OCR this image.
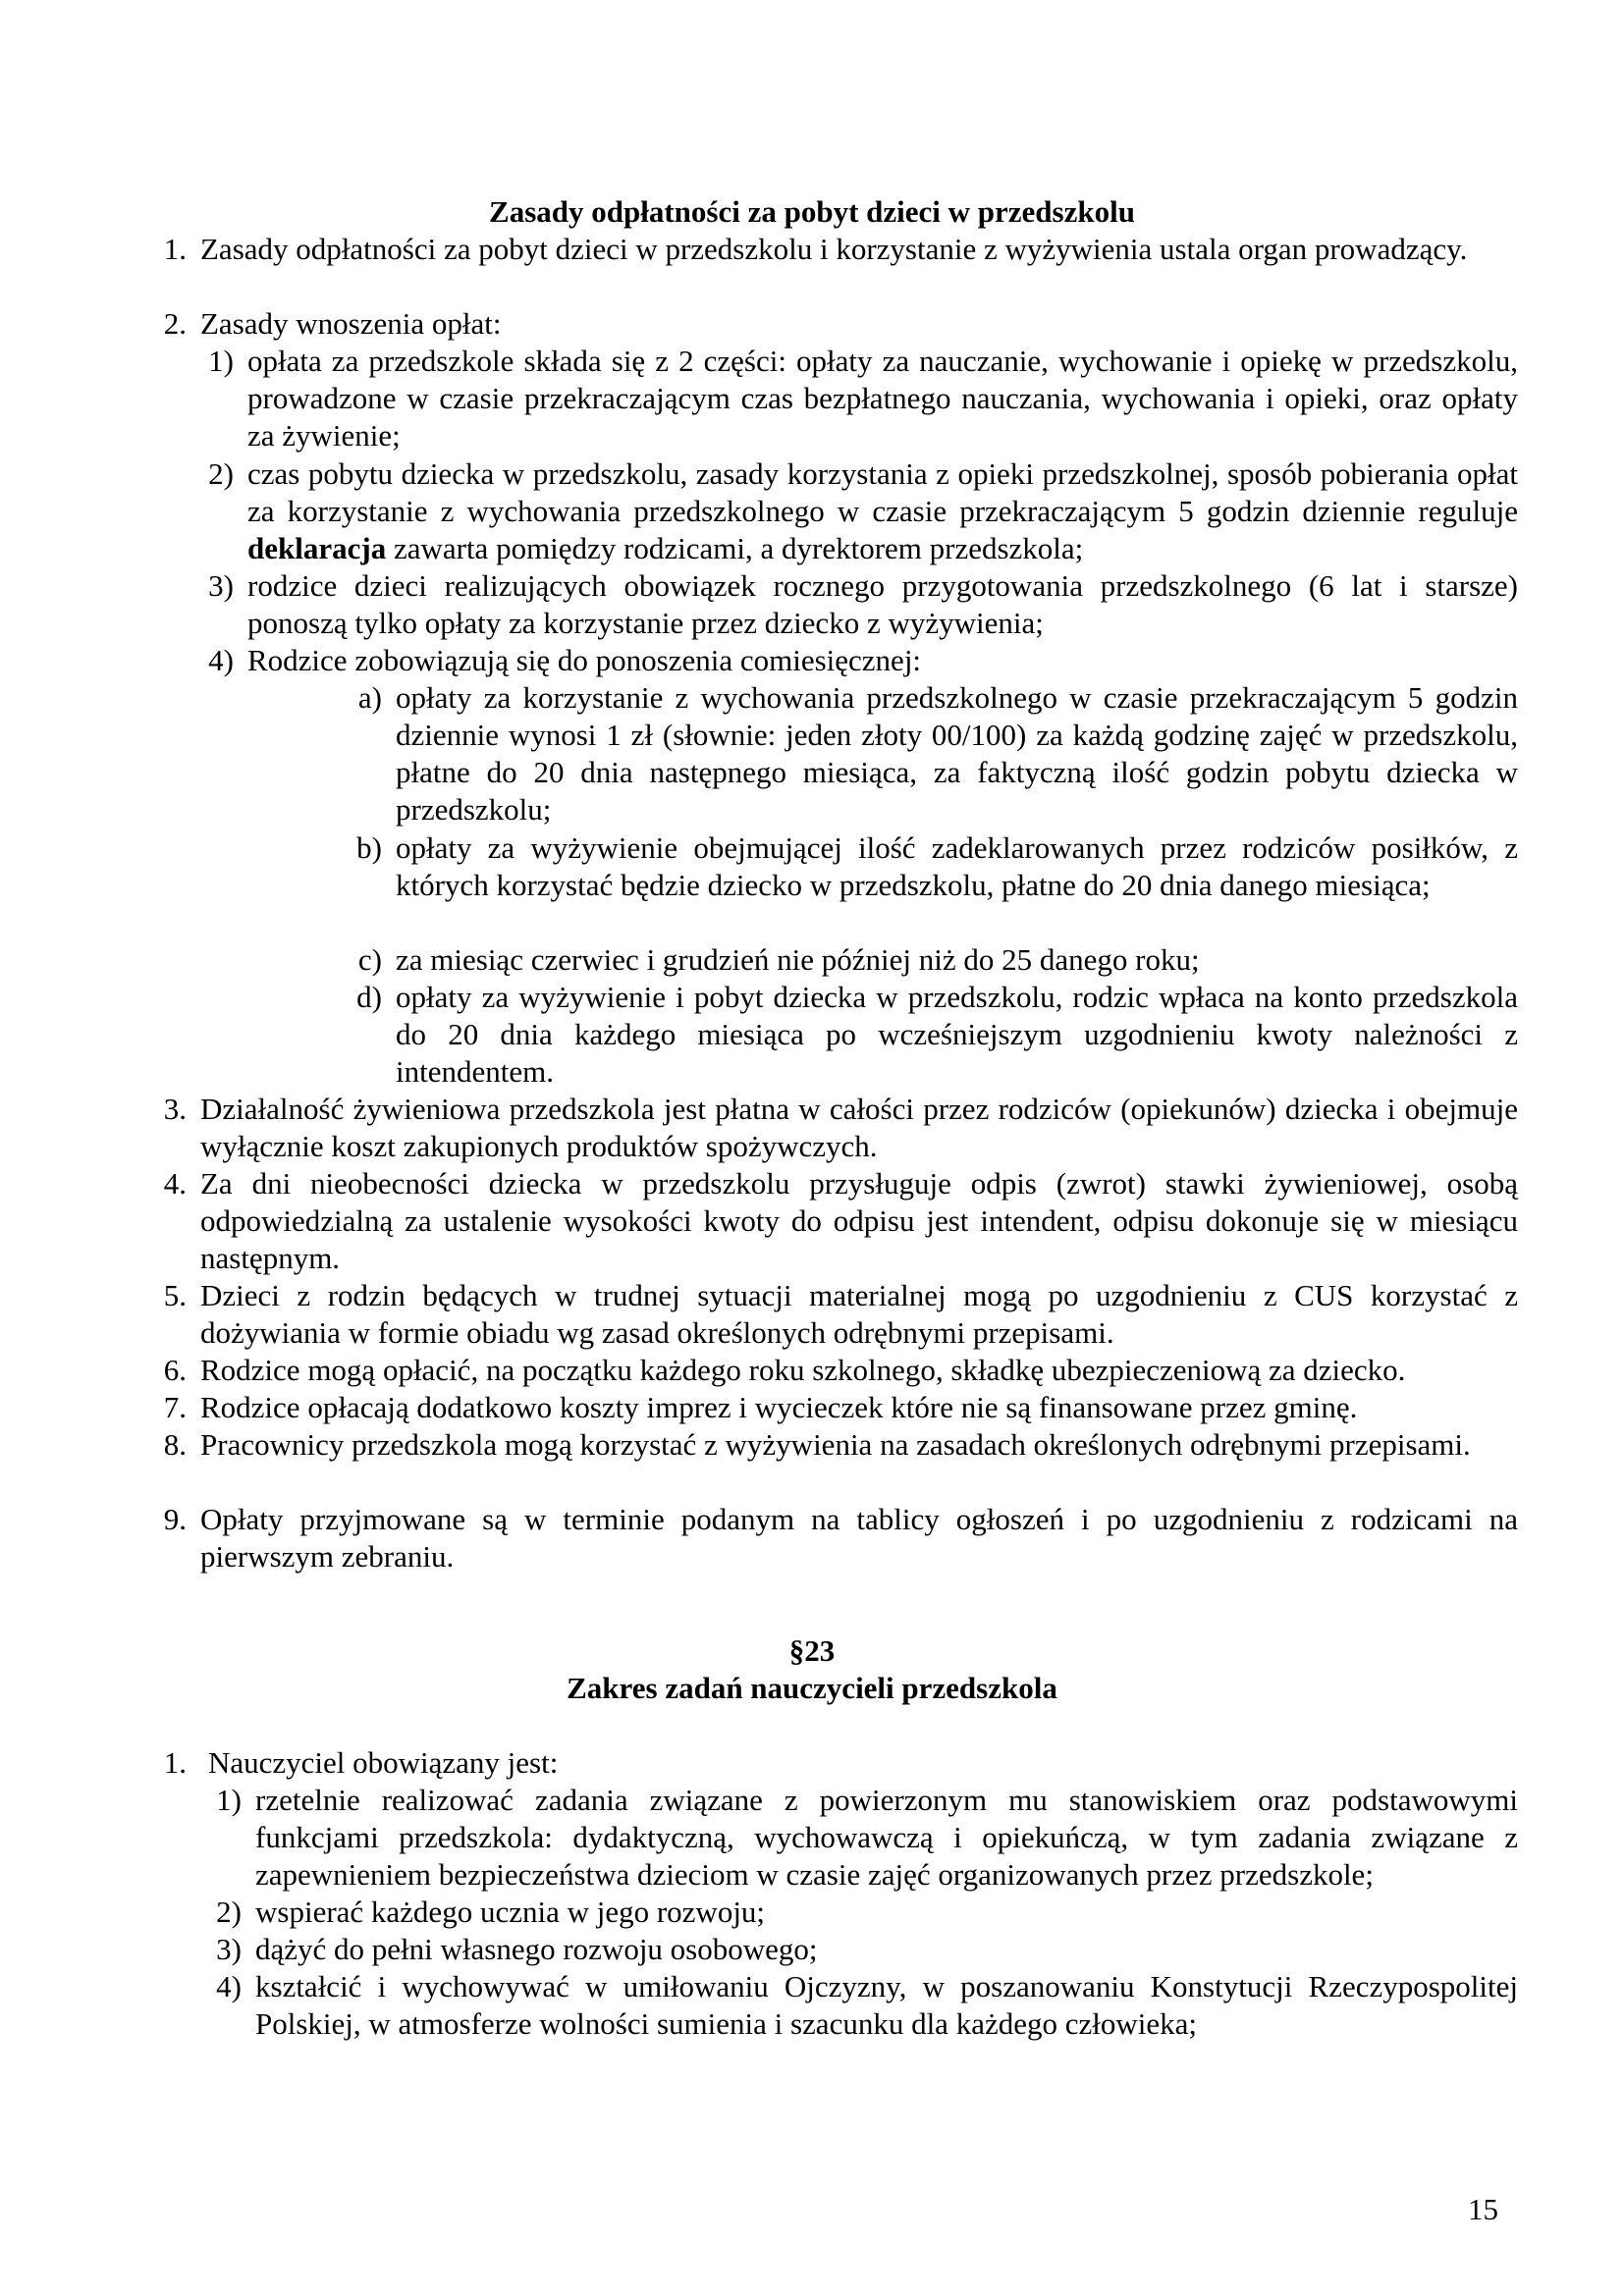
Zasady odpłatności za pobyt dzieci w przedszkolu
1. Zasady odpłatności za pobyt dzieci w przedszkolu i korzystanie z wyżywienia ustala organ prowadzący.
2. Zasady wnoszenia opłat:
1) opłata za przedszkole składa się z 2 części: opłaty za nauczanie, wychowanie i opiekę w przedszkolu, prowadzone w czasie przekraczającym czas bezpłatnego nauczania, wychowania i opieki, oraz opłaty za żywienie;
2) czas pobytu dziecka w przedszkolu, zasady korzystania z opieki przedszkolnej, sposób pobierania opłat za korzystanie z wychowania przedszkolnego w czasie przekraczającym 5 godzin dziennie reguluje deklaracja zawarta pomiędzy rodzicami, a dyrektorem przedszkola;
3) rodzice dzieci realizujących obowiązek rocznego przygotowania przedszkolnego (6 lat i starsze) ponoszą tylko opłaty za korzystanie przez dziecko z wyżywienia;
4) Rodzice zobowiązują się do ponoszenia comiesięcznej:
a) opłaty za korzystanie z wychowania przedszkolnego w czasie przekraczającym 5 godzin dziennie wynosi 1 zł (słownie: jeden złoty 00/100) za każdą godzinę zajęć w przedszkolu, płatne do 20 dnia następnego miesiąca, za faktyczną ilość godzin pobytu dziecka w przedszkolu;
b) opłaty za wyżywienie obejmującej ilość zadeklarowanych przez rodziców posiłków, z których korzystać będzie dziecko w przedszkolu, płatne do 20 dnia danego miesiąca;
c) za miesiąc czerwiec i grudzień nie później niż do 25 danego roku;
d) opłaty za wyżywienie i pobyt dziecka w przedszkolu, rodzic wpłaca na konto przedszkola do 20 dnia każdego miesiąca po wcześniejszym uzgodnieniu kwoty należności z intendentem.
3. Działalność żywieniowa przedszkola jest płatna w całości przez rodziców (opiekunów) dziecka i obejmuje wyłącznie koszt zakupionych produktów spożywczych.
4. Za dni nieobecności dziecka w przedszkolu przysługuje odpis (zwrot) stawki żywieniowej, osobą odpowiedzialną za ustalenie wysokości kwoty do odpisu jest intendent, odpisu dokonuje się w miesiącu następnym.
5. Dzieci z rodzin będących w trudnej sytuacji materialnej mogą po uzgodnieniu z CUS korzystać z dożywiania w formie obiadu wg zasad określonych odrębnymi przepisami.
6. Rodzice mogą opłacić, na początku każdego roku szkolnego, składkę ubezpieczeniową za dziecko.
7. Rodzice opłacają dodatkowo koszty imprez i wycieczek które nie są finansowane przez gminę.
8. Pracownicy przedszkola mogą korzystać z wyżywienia na zasadach określonych odrębnymi przepisami.
9. Opłaty przyjmowane są w terminie podanym na tablicy ogłoszeń i po uzgodnieniu z rodzicami na pierwszym zebraniu.
§23
Zakres zadań nauczycieli przedszkola
1. Nauczyciel obowiązany jest:
1) rzetelnie realizować zadania związane z powierzonym mu stanowiskiem oraz podstawowymi funkcjami przedszkola: dydaktyczną, wychowawczą i opiekuńczą, w tym zadania związane z zapewnieniem bezpieczeństwa dzieciom w czasie zajęć organizowanych przez przedszkole;
2) wspierać każdego ucznia w jego rozwoju;
3) dążyć do pełni własnego rozwoju osobowego;
4) kształcić i wychowywać w umiłowaniu Ojczyzny, w poszanowaniu Konstytucji Rzeczypospolitej Polskiej, w atmosferze wolności sumienia i szacunku dla każdego człowieka;
15
